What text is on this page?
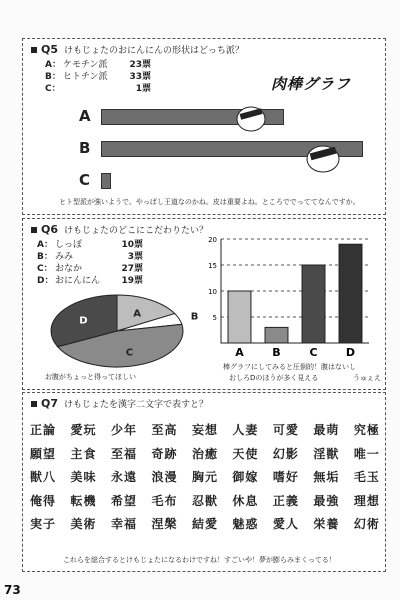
Q5 けもじょたのおにんにんの形状はどっち派？
A： ケモチン派 23票
B： ヒトチン派 33票
C：	1票	肉棒グラフ
A
B
C
ヒト型派が強いようで。やっぱし王道なのかね。皮は重要よね。ところででっててなんですか。
Q6 けもじょたのどこにこだわりたい？
A： しっぽ	10票
B： みみ	3票
C： おなか	27票
D： おにんにん 19票
A	B
C
D
お腹がちょっと得ってほしい
5
10
15
20
A	B	C	D
棒グラフにしてみると圧倒的！腹はないし
おしろDのほうが多く見える	うゅぇえ
Q7 けもじょたを漢字二文字で表すと？
これらを総合するとけもじょたになるわけですね！すごいや！夢が膨らみまくってる！
正論 愛玩 少年 至高 妄想 人妻 可愛 最萌 究極
願望 主食 至福 奇跡 治癒 天使 幻影 淫獣 唯一
獣八 美味 永遠 浪漫 胸元 御嫁 嗜好 無垢 毛玉
俺得 転機 希望 毛布 忍獣 休息 正義 最強 理想
実子 美術 幸福 涅槃 結愛 魅惑 愛人 栄養 幻術
73
